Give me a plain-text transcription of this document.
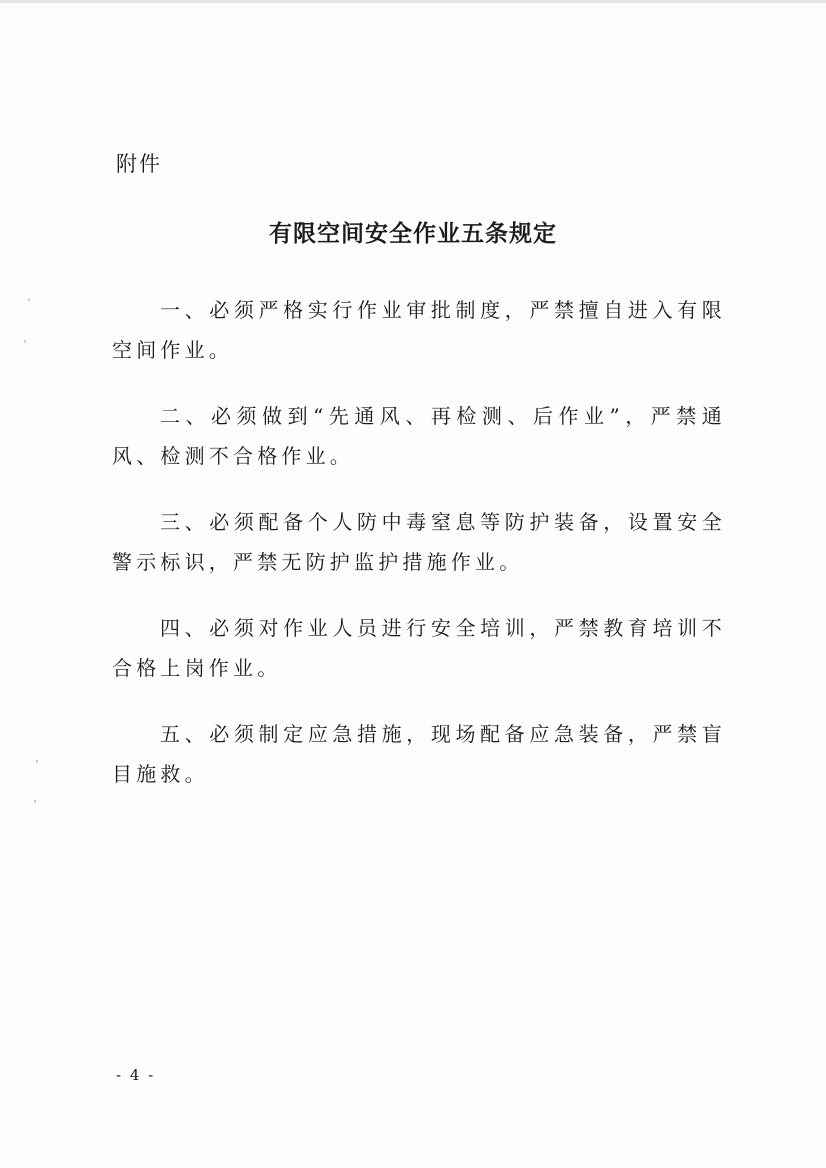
附件
有限空间安全作业五条规定

一、必须严格实行作业审批制度，严禁擅自进入有限空间作业。

二、必须做到“先通风、再检测、后作业”，严禁通风、检测不合格作业。

三、必须配备个人防中毒窒息等防护装备，设置安全警示标识，严禁无防护监护措施作业。

四、必须对作业人员进行安全培训，严禁教育培训不合格上岗作业。

五、必须制定应急措施，现场配备应急装备，严禁盲目施救。

- 4 -
